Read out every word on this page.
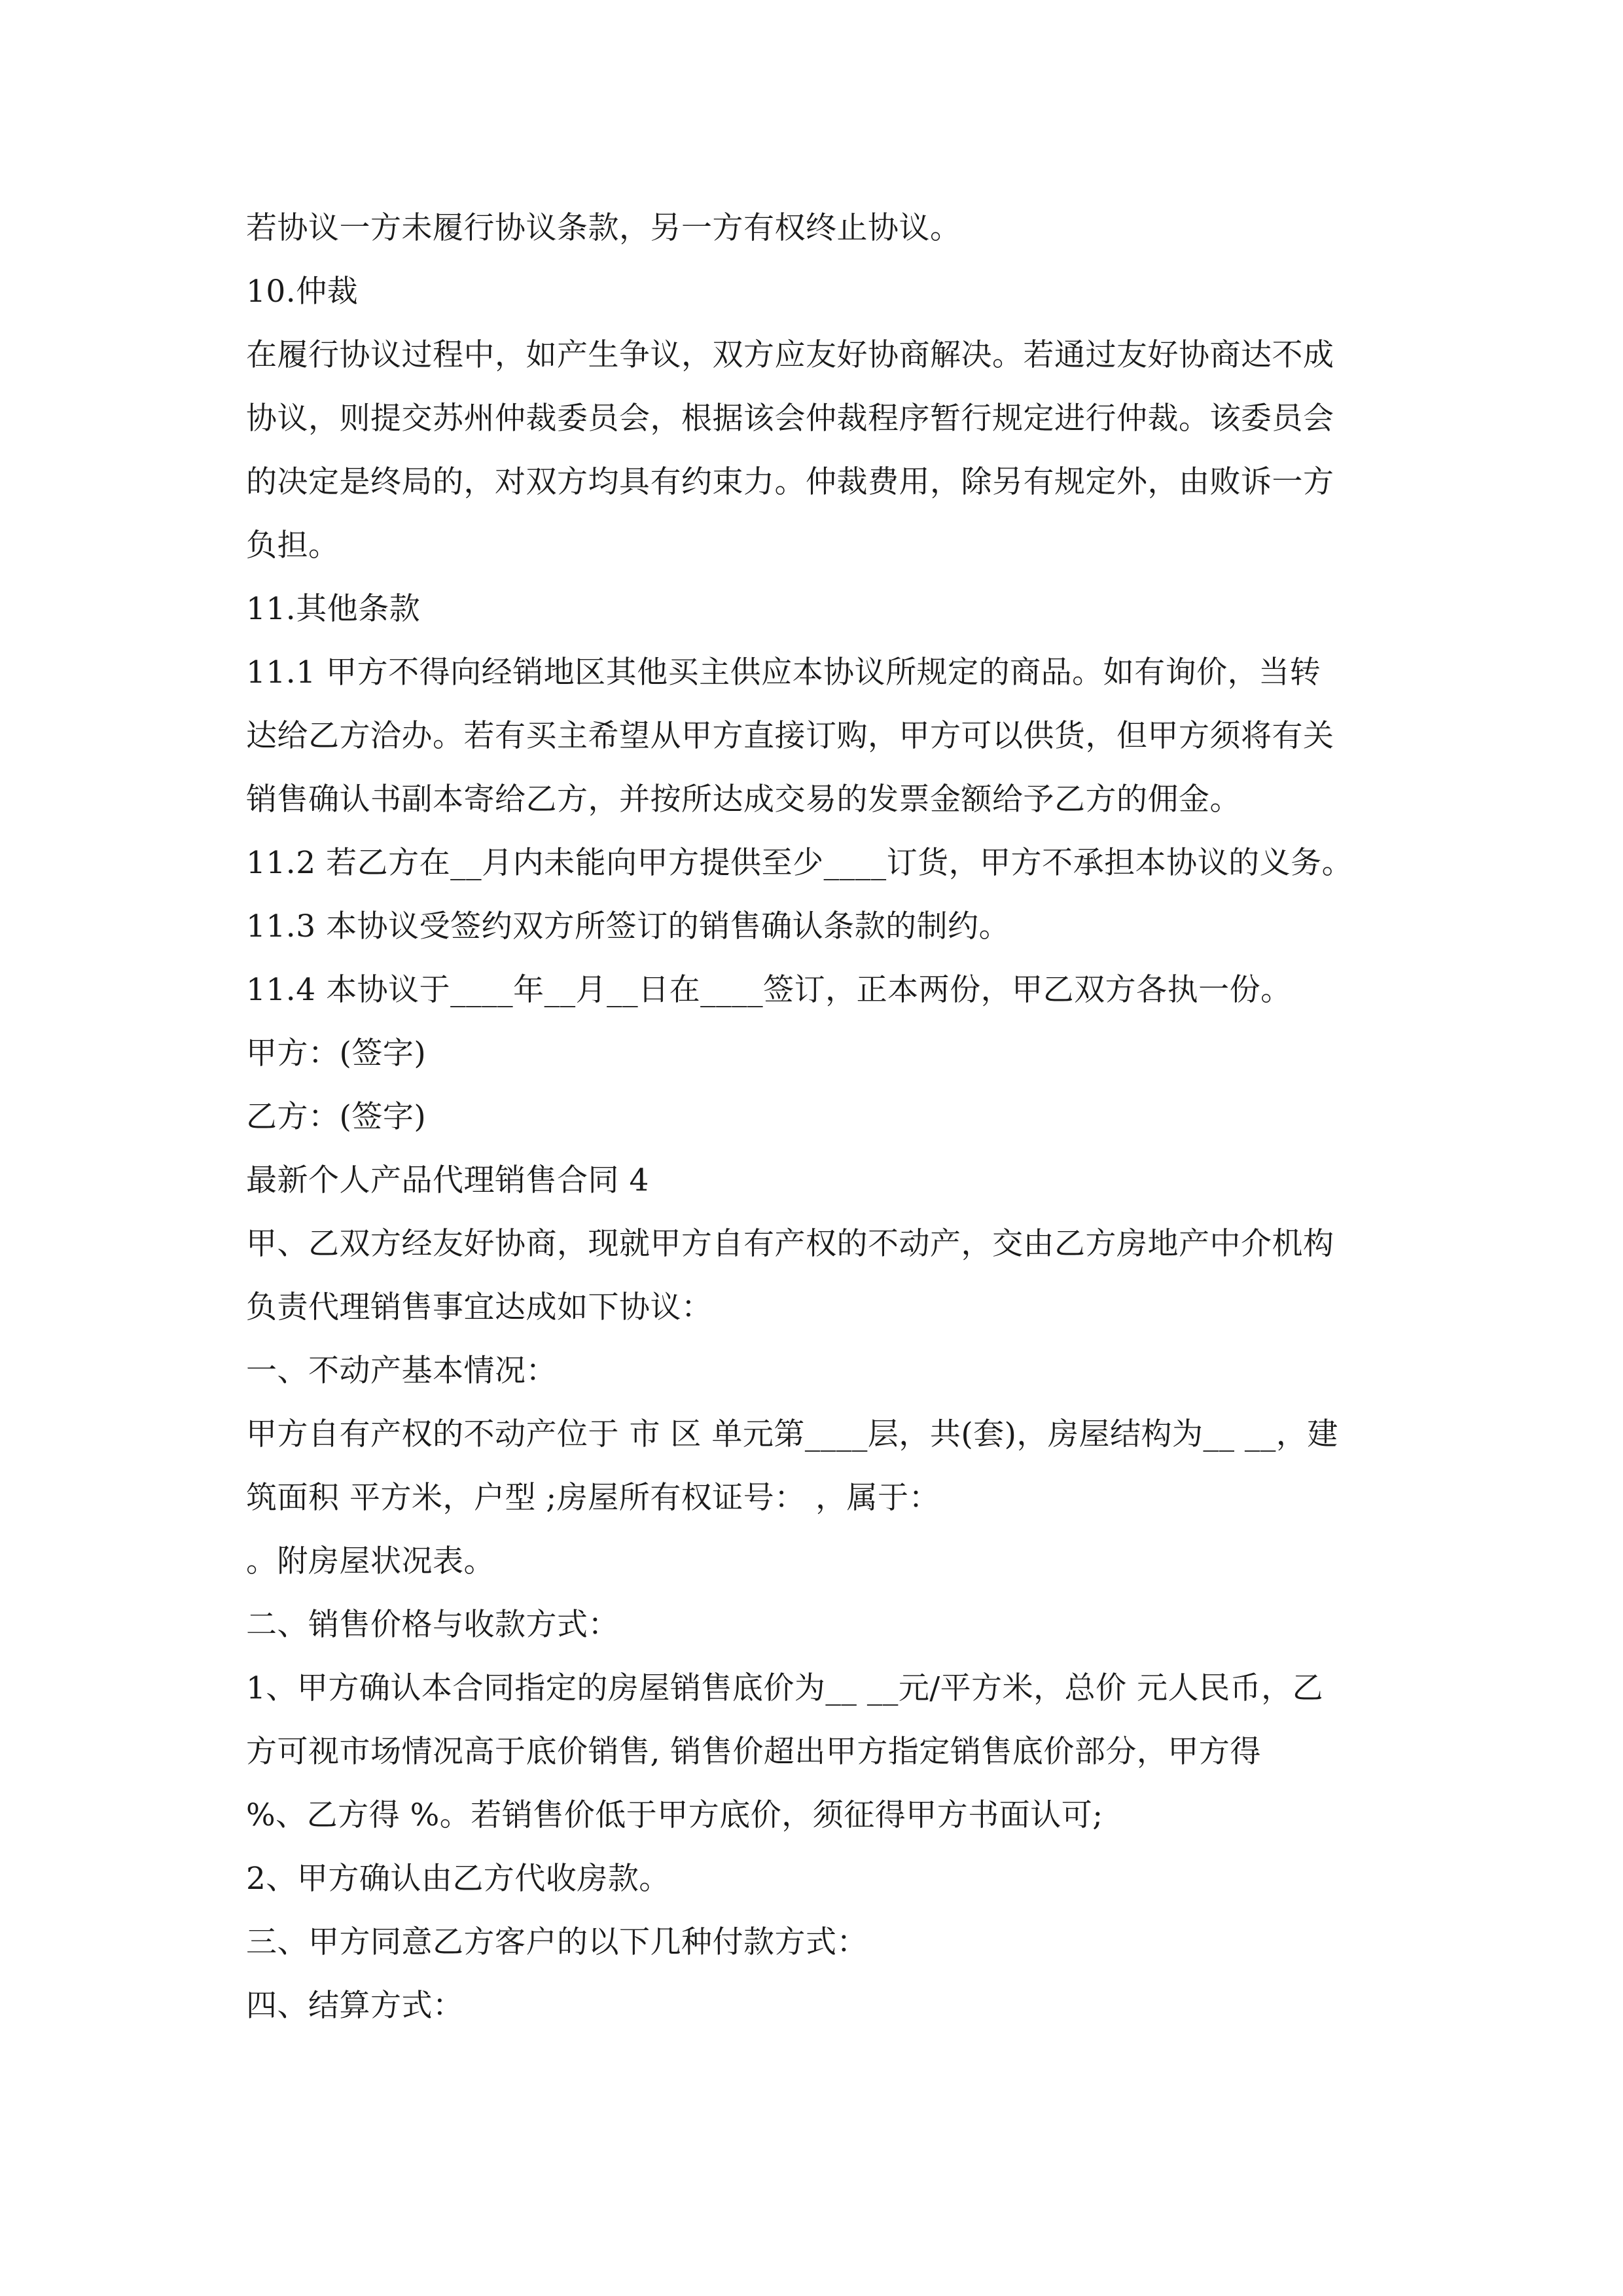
若协议一方未履行协议条款，另一方有权终止协议。
10.仲裁
在履行协议过程中，如产生争议，双方应友好协商解决。若通过友好协商达不成
协议，则提交苏州仲裁委员会，根据该会仲裁程序暂行规定进行仲裁。该委员会
的决定是终局的，对双方均具有约束力。仲裁费用，除另有规定外，由败诉一方
负担。
11.其他条款
11.1 甲方不得向经销地区其他买主供应本协议所规定的商品。如有询价，当转
达给乙方洽办。若有买主希望从甲方直接订购，甲方可以供货，但甲方须将有关
销售确认书副本寄给乙方，并按所达成交易的发票金额给予乙方的佣金。
11.2 若乙方在__月内未能向甲方提供至少____订货，甲方不承担本协议的义务。
11.3 本协议受签约双方所签订的销售确认条款的制约。
11.4 本协议于____年__月__日在____签订，正本两份，甲乙双方各执一份。
甲方：(签字)
乙方：(签字)
最新个人产品代理销售合同 4
甲、乙双方经友好协商，现就甲方自有产权的不动产，交由乙方房地产中介机构
负责代理销售事宜达成如下协议：
一、不动产基本情况：
甲方自有产权的不动产位于 市 区 单元第____层，共(套)，房屋结构为__ __，建
筑面积 平方米，户型 ;房屋所有权证号： ，属于：
。附房屋状况表。
二、销售价格与收款方式：
1、甲方确认本合同指定的房屋销售底价为__ __元/平方米，总价 元人民币，乙
方可视市场情况高于底价销售, 销售价超出甲方指定销售底价部分，甲方得
%、乙方得 %。若销售价低于甲方底价，须征得甲方书面认可;
2、甲方确认由乙方代收房款。
三、甲方同意乙方客户的以下几种付款方式：
四、结算方式：
